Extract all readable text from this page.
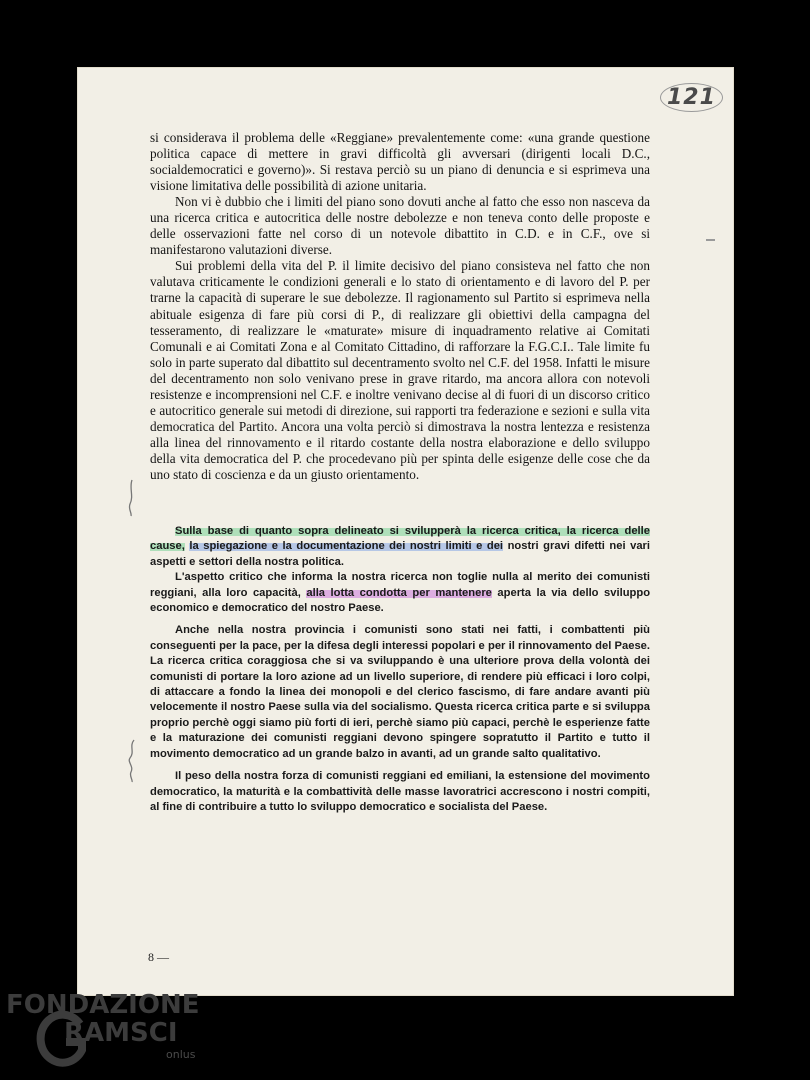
121

si considerava il problema delle «Reggiane» prevalentemente come: «una grande questione politica capace di mettere in gravi difficoltà gli avversari (dirigenti locali D.C., socialdemocratici e governo)». Si restava perciò su un piano di denuncia e si esprimeva una visione limitativa delle possibilità di azione unitaria.

Non vi è dubbio che i limiti del piano sono dovuti anche al fatto che esso non nasceva da una ricerca critica e autocritica delle nostre debolezze e non teneva conto delle proposte e delle osservazioni fatte nel corso di un notevole dibattito in C.D. e in C.F., ove si manifestarono valutazioni diverse.

Sui problemi della vita del P. il limite decisivo del piano consisteva nel fatto che non valutava criticamente le condizioni generali e lo stato di orientamento e di lavoro del P. per trarne la capacità di superare le sue debolezze. Il ragionamento sul Partito si esprimeva nella abituale esigenza di fare più corsi di P., di realizzare gli obiettivi della campagna del tesseramento, di realizzare le «maturate» misure di inquadramento relative ai Comitati Comunali e ai Comitati Zona e al Comitato Cittadino, di rafforzare la F.G.C.I.. Tale limite fu solo in parte superato dal dibattito sul decentramento svolto nel C.F. del 1958. Infatti le misure del decentramento non solo venivano prese in grave ritardo, ma ancora allora con notevoli resistenze e incomprensioni nel C.F. e inoltre venivano decise al di fuori di un discorso critico e autocritico generale sui metodi di direzione, sui rapporti tra federazione e sezioni e sulla vita democratica del Partito. Ancora una volta perciò si dimostrava la nostra lentezza e resistenza alla linea del rinnovamento e il ritardo costante della nostra elaborazione e dello sviluppo della vita democratica del P. che procedevano più per spinta delle esigenze delle cose che da uno stato di coscienza e da un giusto orientamento.

Sulla base di quanto sopra delineato si svilupperà la ricerca critica, la ricerca delle cause, la spiegazione e la documentazione dei nostri limiti e dei nostri gravi difetti nei vari aspetti e settori della nostra politica.

L'aspetto critico che informa la nostra ricerca non toglie nulla al merito dei comunisti reggiani, alla loro capacità, alla lotta condotta per mantenere aperta la via dello sviluppo economico e democratico del nostro Paese.

Anche nella nostra provincia i comunisti sono stati nei fatti, i combattenti più conseguenti per la pace, per la difesa degli interessi popolari e per il rinnovamento del Paese. La ricerca critica coraggiosa che si va sviluppando è una ulteriore prova della volontà dei comunisti di portare la loro azione ad un livello superiore, di rendere più efficaci i loro colpi, di attaccare a fondo la linea dei monopoli e del clerico fascismo, di fare andare avanti più velocemente il nostro Paese sulla via del socialismo. Questa ricerca critica parte e si sviluppa proprio perchè oggi siamo più forti di ieri, perchè siamo più capaci, perchè le esperienze fatte e la maturazione dei comunisti reggiani devono spingere sopratutto il Partito e tutto il movimento democratico ad un grande balzo in avanti, ad un grande salto qualitativo.

Il peso della nostra forza di comunisti reggiani ed emiliani, la estensione del movimento democratico, la maturità e la combattività delle masse lavoratrici accrescono i nostri compiti, al fine di contribuire a tutto lo sviluppo democratico e socialista del Paese.

8 —
FONDAZIONE
RAMSCI
onlus
